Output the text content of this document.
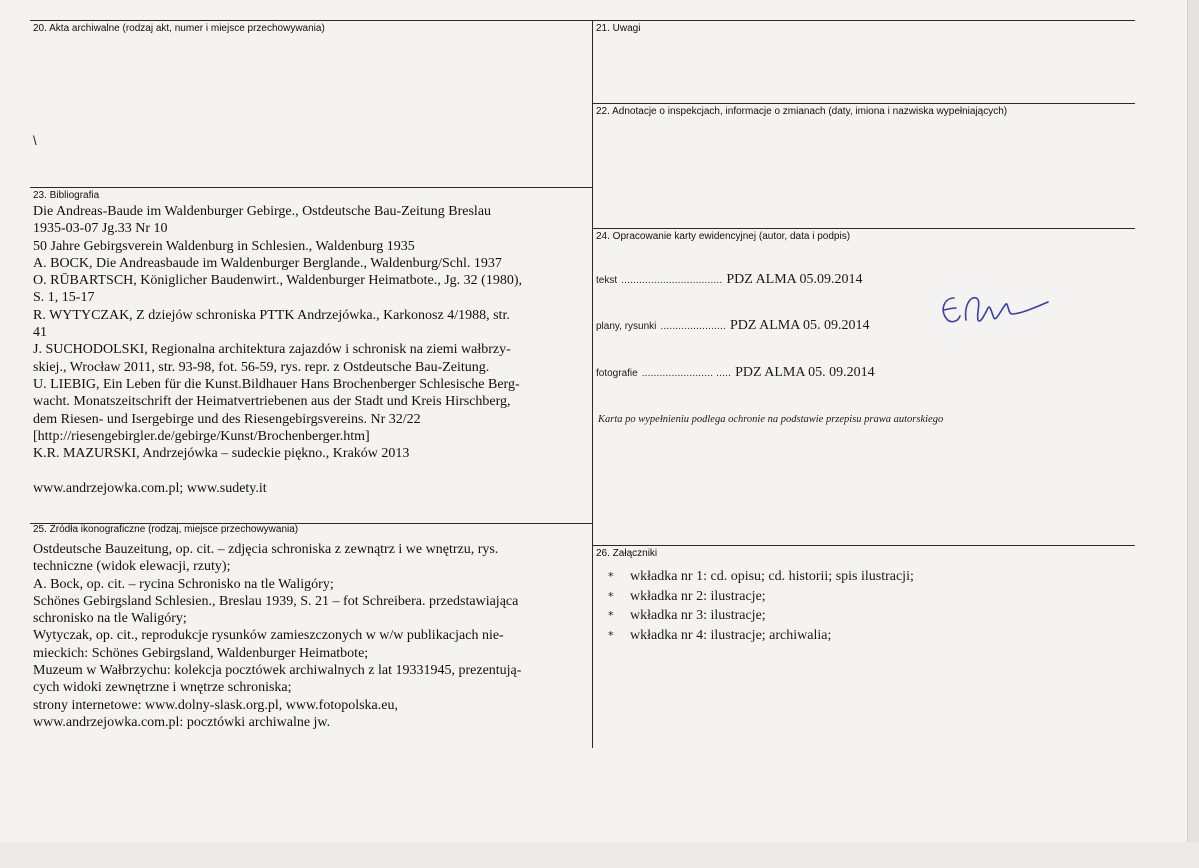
20. Akta archiwalne (rodzaj akt, numer i miejsce przechowywania)
\
21. Uwagi
22. Adnotacje o inspekcjach, informacje o zmianach (daty, imiona i nazwiska wypełniających)
23. Bibliografia
Die Andreas-Baude im Waldenburger Gebirge., Ostdeutsche Bau-Zeitung Breslau
1935-03-07 Jg.33 Nr 10
50 Jahre Gebirgsverein Waldenburg in Schlesien., Waldenburg 1935
A. BOCK, Die Andreasbaude im Waldenburger Berglande., Waldenburg/Schl. 1937
O. RŪBARTSCH, Königlicher Baudenwirt., Waldenburger Heimatbote., Jg. 32 (1980),
S. 1, 15-17
R. WYTYCZAK, Z dziejów schroniska PTTK Andrzejówka., Karkonosz 4/1988, str.
41
J. SUCHODOLSKI, Regionalna architektura zajazdów i schronisk na ziemi wałbrzy-
skiej., Wrocław 2011, str. 93-98, fot. 56-59, rys. repr. z Ostdeutsche Bau-Zeitung.
U. LIEBIG, Ein Leben für die Kunst.Bildhauer Hans Brochenberger Schlesische Berg-
wacht. Monatszeitschrift der Heimatvertriebenen aus der Stadt und Kreis Hirschberg,
dem Riesen- und Isergebirge und des Riesengebirgsvereins. Nr 32/22
[http://riesengebirgler.de/gebirge/Kunst/Brochenberger.htm]
K.R. MAZURSKI, Andrzejówka – sudeckie piękno., Kraków 2013

www.andrzejowka.com.pl; www.sudety.it
24. Opracowanie karty ewidencyjnej (autor, data i podpis)
tekst .................................. PDZ ALMA 05.09.2014
plany, rysunki ...................... PDZ ALMA 05. 09.2014
fotografie ........................ ..... PDZ ALMA 05. 09.2014
Karta po wypełnieniu podlega ochronie na podstawie przepisu prawa autorskiego
25. Źródła ikonograficzne (rodzaj, miejsce przechowywania)
Ostdeutsche Bauzeitung, op. cit. – zdjęcia schroniska z zewnątrz i we wnętrzu, rys.
techniczne (widok elewacji, rzuty);
A. Bock, op. cit. – rycina Schronisko na tle Waligóry;
Schönes Gebirgsland Schlesien., Breslau 1939, S. 21 – fot Schreibera. przedstawiająca
schronisko na tle Waligóry;
Wytyczak, op. cit., reprodukcje rysunków zamieszczonych w w/w publikacjach nie-
mieckich: Schönes Gebirgsland, Waldenburger Heimatbote;
Muzeum w Wałbrzychu: kolekcja pocztówek archiwalnych z lat 19331945, prezentują-
cych widoki zewnętrzne i wnętrze schroniska;
strony internetowe: www.dolny-slask.org.pl, www.fotopolska.eu,
www.andrzejowka.com.pl: pocztówki archiwalne jw.
26. Załączniki
* wkładka nr 1: cd. opisu; cd. historii; spis ilustracji;
* wkładka nr 2: ilustracje;
* wkładka nr 3: ilustracje;
* wkładka nr 4: ilustracje; archiwalia;
